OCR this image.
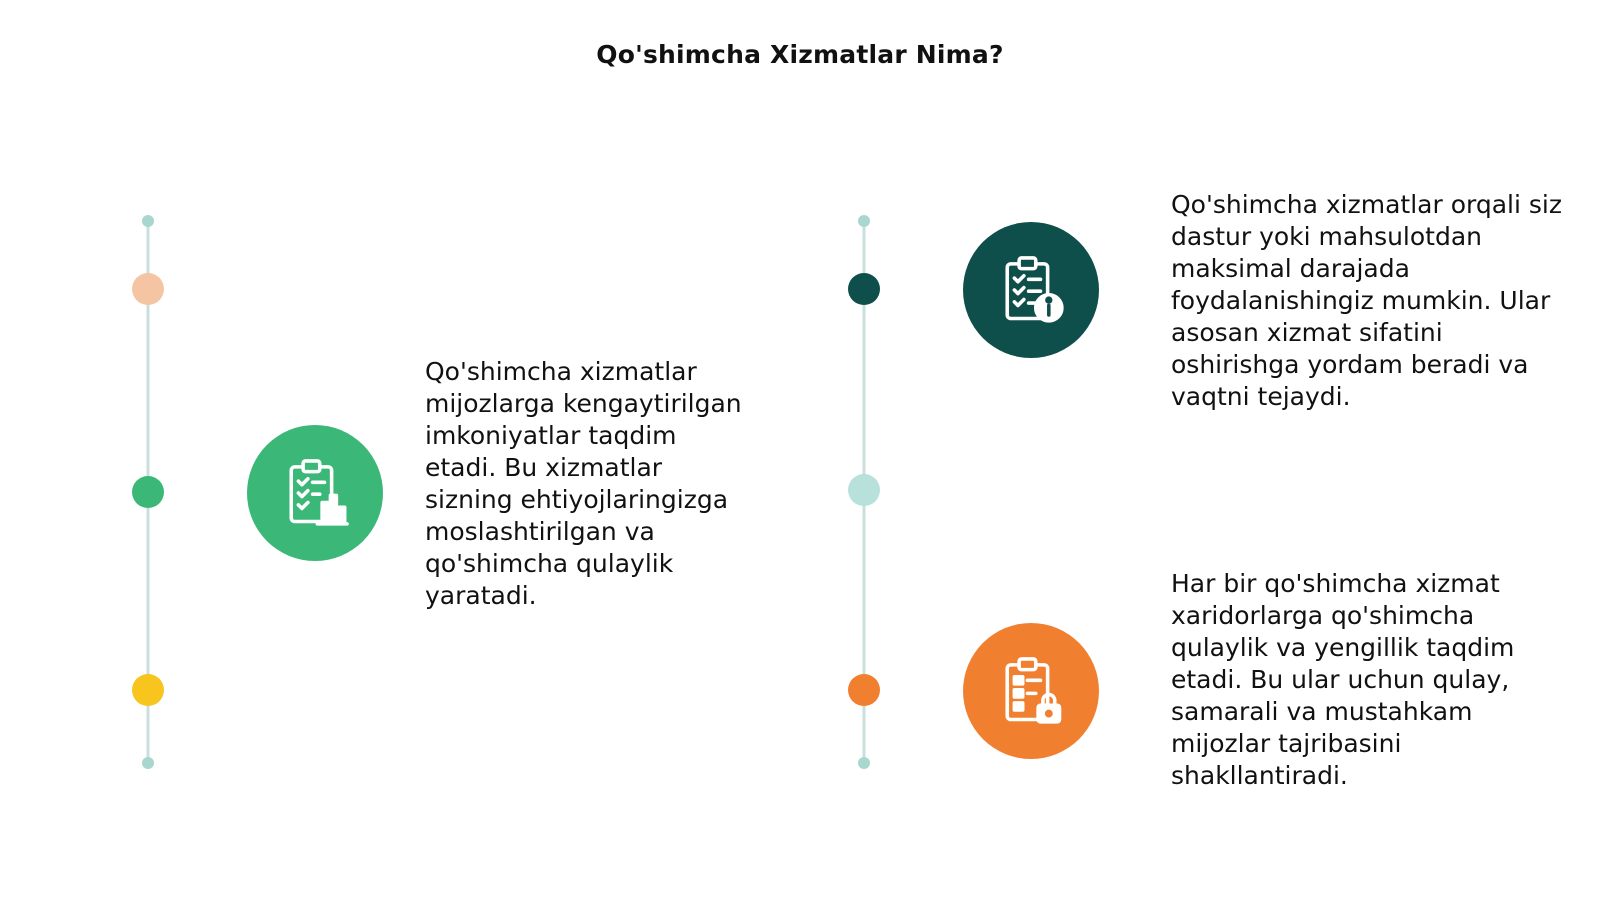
Qo'shimcha Xizmatlar Nima?
Qo'shimcha xizmatlar mijozlarga kengaytirilgan imkoniyatlar taqdim etadi. Bu xizmatlar sizning ehtiyojlaringizga moslashtirilgan va qo'shimcha qulaylik yaratadi.
Qo'shimcha xizmatlar orqali siz dastur yoki mahsulotdan maksimal darajada foydalanishingiz mumkin. Ular asosan xizmat sifatini oshirishga yordam beradi va vaqtni tejaydi.
Har bir qo'shimcha xizmat xaridorlarga qo'shimcha qulaylik va yengillik taqdim etadi. Bu ular uchun qulay, samarali va mustahkam mijozlar tajribasini shakllantiradi.
